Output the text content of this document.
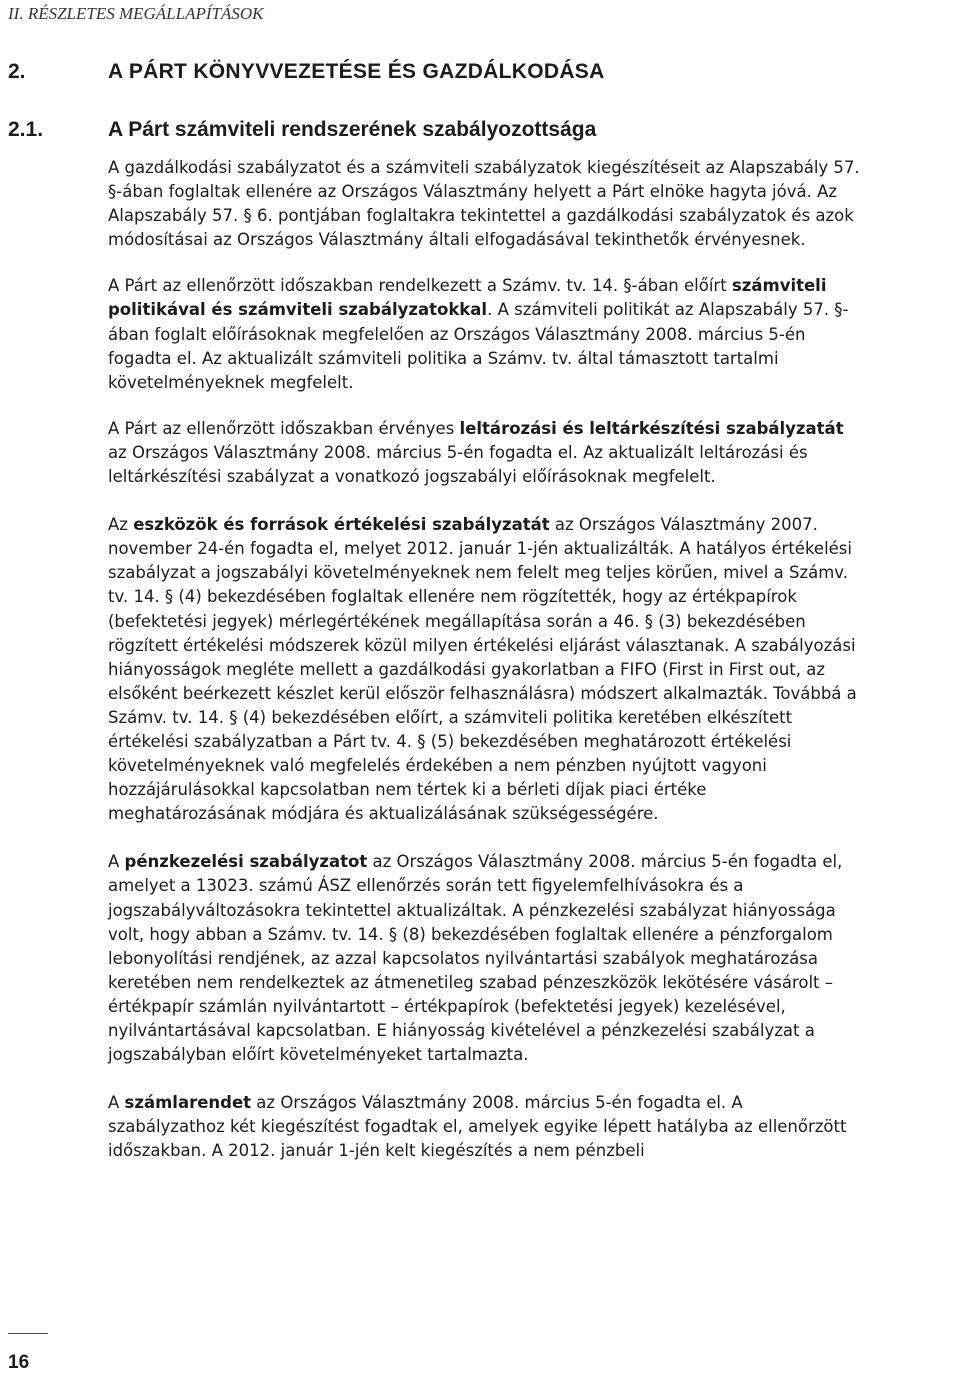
II. RÉSZLETES MEGÁLLAPÍTÁSOK
2.	A PÁRT KÖNYVVEZETÉSE ÉS GAZDÁLKODÁSA
2.1.	A Párt számviteli rendszerének szabályozottsága

A gazdálkodási szabályzatot és a számviteli szabályzatok kiegészítéseit az Alapszabály 57. §-ában foglaltak ellenére az Országos Választmány helyett a Párt elnöke hagyta jóvá. Az Alapszabály 57. § 6. pontjában foglaltakra tekintettel a gazdálkodási szabályzatok és azok módosításai az Országos Választmány általi elfogadásával tekinthetők érvényesnek.

A Párt az ellenőrzött időszakban rendelkezett a Számv. tv. 14. §-ában előírt számviteli politikával és számviteli szabályzatokkal. A számviteli politikát az Alapszabály 57. §-ában foglalt előírásoknak megfelelően az Országos Választmány 2008. március 5-én fogadta el. Az aktualizált számviteli politika a Számv. tv. által támasztott tartalmi követelményeknek megfelelt.

A Párt az ellenőrzött időszakban érvényes leltározási és leltárkészítési szabályzatát az Országos Választmány 2008. március 5-én fogadta el. Az aktualizált leltározási és leltárkészítési szabályzat a vonatkozó jogszabályi előírásoknak megfelelt.

Az eszközök és források értékelési szabályzatát az Országos Választmány 2007. november 24-én fogadta el, melyet 2012. január 1-jén aktualizálták. A hatályos értékelési szabályzat a jogszabályi követelményeknek nem felelt meg teljes körűen, mivel a Számv. tv. 14. § (4) bekezdésében foglaltak ellenére nem rögzítették, hogy az értékpapírok (befektetési jegyek) mérlegértékének megállapítása során a 46. § (3) bekezdésében rögzített értékelési módszerek közül milyen értékelési eljárást választanak. A szabályozási hiányosságok megléte mellett a gazdálkodási gyakorlatban a FIFO (First in First out, az elsőként beérkezett készlet kerül először felhasználásra) módszert alkalmazták. Továbbá a Számv. tv. 14. § (4) bekezdésében előírt, a számviteli politika keretében elkészített értékelési szabályzatban a Párt tv. 4. § (5) bekezdésében meghatározott értékelési követelményeknek való megfelelés érdekében a nem pénzben nyújtott vagyoni hozzájárulásokkal kapcsolatban nem tértek ki a bérleti díjak piaci értéke meghatározásának módjára és aktualizálásának szükségességére.

A pénzkezelési szabályzatot az Országos Választmány 2008. március 5-én fogadta el, amelyet a 13023. számú ÁSZ ellenőrzés során tett figyelemfelhívásokra és a jogszabályváltozásokra tekintettel aktualizáltak. A pénzkezelési szabályzat hiányossága volt, hogy abban a Számv. tv. 14. § (8) bekezdésében foglaltak ellenére a pénzforgalom lebonyolítási rendjének, az azzal kapcsolatos nyilvántartási szabályok meghatározása keretében nem rendelkeztek az átmenetileg szabad pénzeszközök lekötésére vásárolt – értékpapír számlán nyilvántartott – értékpapírok (befektetési jegyek) kezelésével, nyilvántartásával kapcsolatban. E hiányosság kivételével a pénzkezelési szabályzat a jogszabályban előírt követelményeket tartalmazta.

A számlarendet az Országos Választmány 2008. március 5-én fogadta el. A szabályzathoz két kiegészítést fogadtak el, amelyek egyike lépett hatályba az ellenőrzött időszakban. A 2012. január 1-jén kelt kiegészítés a nem pénzbeli

16
